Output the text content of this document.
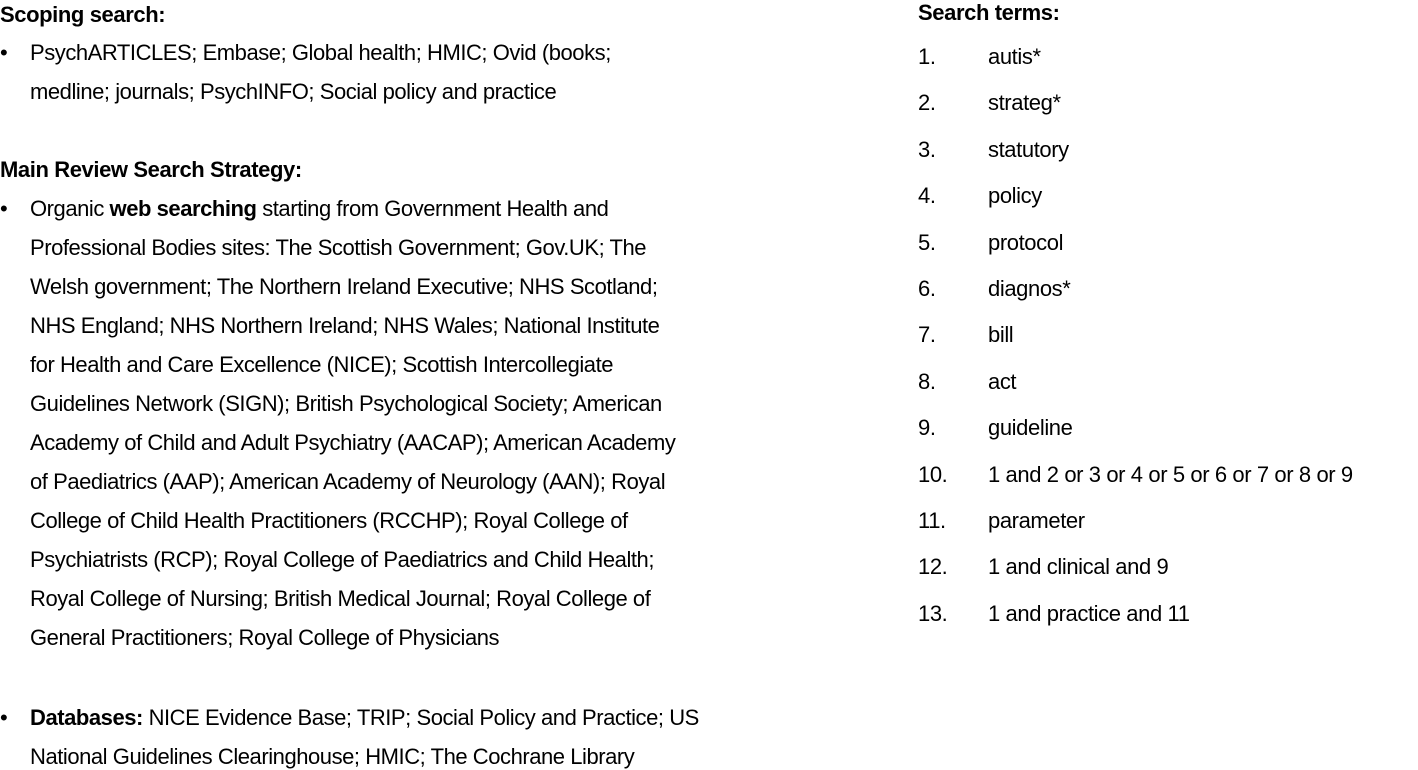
Scoping search:
• PsychARTICLES; Embase; Global health; HMIC; Ovid (books;
medline; journals; PsychINFO; Social policy and practice
Main Review Search Strategy:
• Organic web searching starting from Government Health and
Professional Bodies sites: The Scottish Government; Gov.UK; The
Welsh government; The Northern Ireland Executive; NHS Scotland;
NHS England; NHS Northern Ireland; NHS Wales; National Institute
for Health and Care Excellence (NICE); Scottish Intercollegiate
Guidelines Network (SIGN); British Psychological Society; American
Academy of Child and Adult Psychiatry (AACAP); American Academy
of Paediatrics (AAP); American Academy of Neurology (AAN); Royal
College of Child Health Practitioners (RCCHP); Royal College of
Psychiatrists (RCP); Royal College of Paediatrics and Child Health;
Royal College of Nursing; British Medical Journal; Royal College of
General Practitioners; Royal College of Physicians
• Databases: NICE Evidence Base; TRIP; Social Policy and Practice; US
National Guidelines Clearinghouse; HMIC; The Cochrane Library
Search terms:
1.	autis*
2.	strateg*
3.	statutory
4.	policy
5.	protocol
6.	diagnos*
7.	bill
8.	act
9.	guideline
10.	1 and 2 or 3 or 4 or 5 or 6 or 7 or 8 or 9
11.	parameter
12.	1 and clinical and 9
13.	1 and practice and 11
